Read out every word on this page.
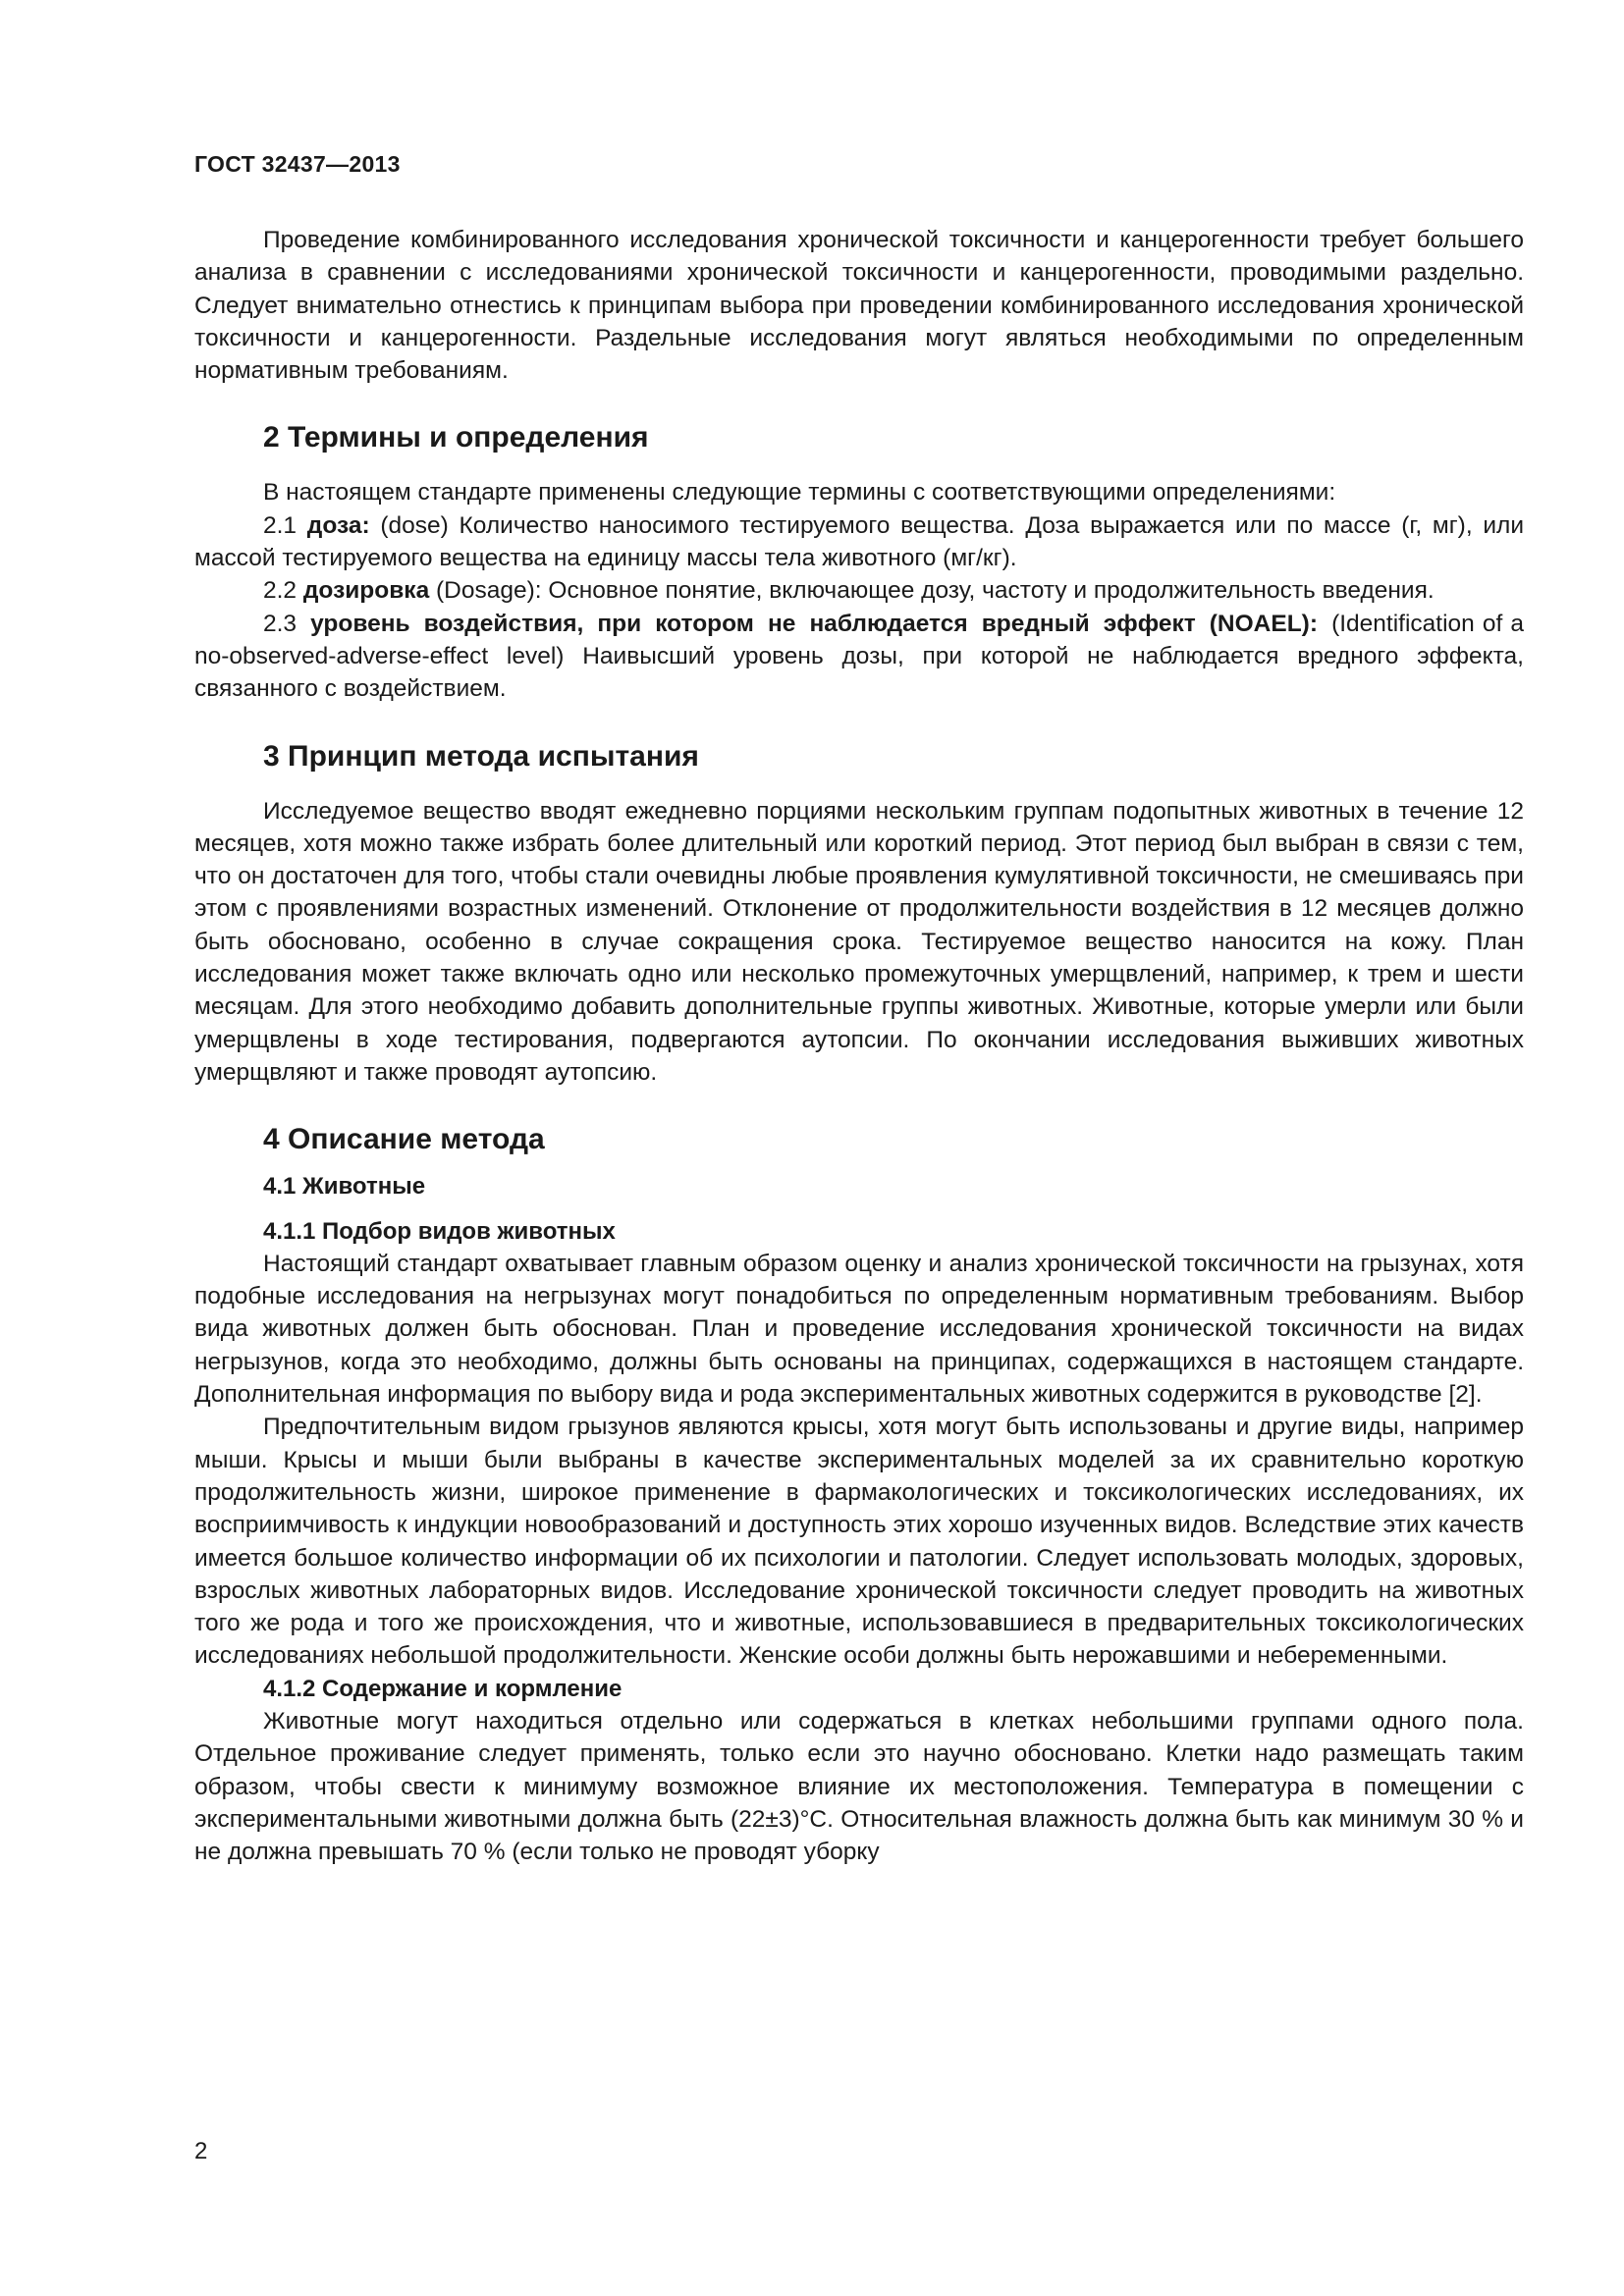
ГОСТ 32437—2013

Проведение комбинированного исследования хронической токсичности и канцерогенности требует большего анализа в сравнении с исследованиями хронической токсичности и канцерогенности, проводимыми раздельно. Следует внимательно отнестись к принципам выбора при проведении комбинированного исследования хронической токсичности и канцерогенности. Раздельные исследования могут являться необходимыми по определенным нормативным требованиям.

2 Термины и определения

В настоящем стандарте применены следующие термины с соответствующими определениями:

2.1 доза: (dose) Количество наносимого тестируемого вещества. Доза выражается или по массе (г, мг), или массой тестируемого вещества на единицу массы тела животного (мг/кг).

2.2 дозировка (Dosage): Основное понятие, включающее дозу, частоту и продолжительность введения.

2.3 уровень воздействия, при котором не наблюдается вредный эффект (NOAEL): (Identification of a no-observed-adverse-effect level) Наивысший уровень дозы, при которой не наблюдается вредного эффекта, связанного с воздействием.

3 Принцип метода испытания

Исследуемое вещество вводят ежедневно порциями нескольким группам подопытных животных в течение 12 месяцев, хотя можно также избрать более длительный или короткий период. Этот период был выбран в связи с тем, что он достаточен для того, чтобы стали очевидны любые проявления кумулятивной токсичности, не смешиваясь при этом с проявлениями возрастных изменений. Отклонение от продолжительности воздействия в 12 месяцев должно быть обосновано, особенно в случае сокращения срока. Тестируемое вещество наносится на кожу. План исследования может также включать одно или несколько промежуточных умерщвлений, например, к трем и шести месяцам. Для этого необходимо добавить дополнительные группы животных. Животные, которые умерли или были умерщвлены в ходе тестирования, подвергаются аутопсии. По окончании исследования выживших животных умерщвляют и также проводят аутопсию.

4 Описание метода
4.1 Животные
4.1.1 Подбор видов животных

Настоящий стандарт охватывает главным образом оценку и анализ хронической токсичности на грызунах, хотя подобные исследования на негрызунах могут понадобиться по определенным нормативным требованиям. Выбор вида животных должен быть обоснован. План и проведение исследования хронической токсичности на видах негрызунов, когда это необходимо, должны быть основаны на принципах, содержащихся в настоящем стандарте. Дополнительная информация по выбору вида и рода экспериментальных животных содержится в руководстве [2].

Предпочтительным видом грызунов являются крысы, хотя могут быть использованы и другие виды, например мыши. Крысы и мыши были выбраны в качестве экспериментальных моделей за их сравнительно короткую продолжительность жизни, широкое применение в фармакологических и токсикологических исследованиях, их восприимчивость к индукции новообразований и доступность этих хорошо изученных видов. Вследствие этих качеств имеется большое количество информации об их психологии и патологии. Следует использовать молодых, здоровых, взрослых животных лабораторных видов. Исследование хронической токсичности следует проводить на животных того же рода и того же происхождения, что и животные, использовавшиеся в предварительных токсикологических исследованиях небольшой продолжительности. Женские особи должны быть нерожавшими и небеременными.

4.1.2 Содержание и кормление

Животные могут находиться отдельно или содержаться в клетках небольшими группами одного пола. Отдельное проживание следует применять, только если это научно обосновано. Клетки надо размещать таким образом, чтобы свести к минимуму возможное влияние их местоположения. Температура в помещении с экспериментальными животными должна быть (22±3)°С. Относительная влажность должна быть как минимум 30 % и не должна превышать 70 % (если только не проводят уборку

2
